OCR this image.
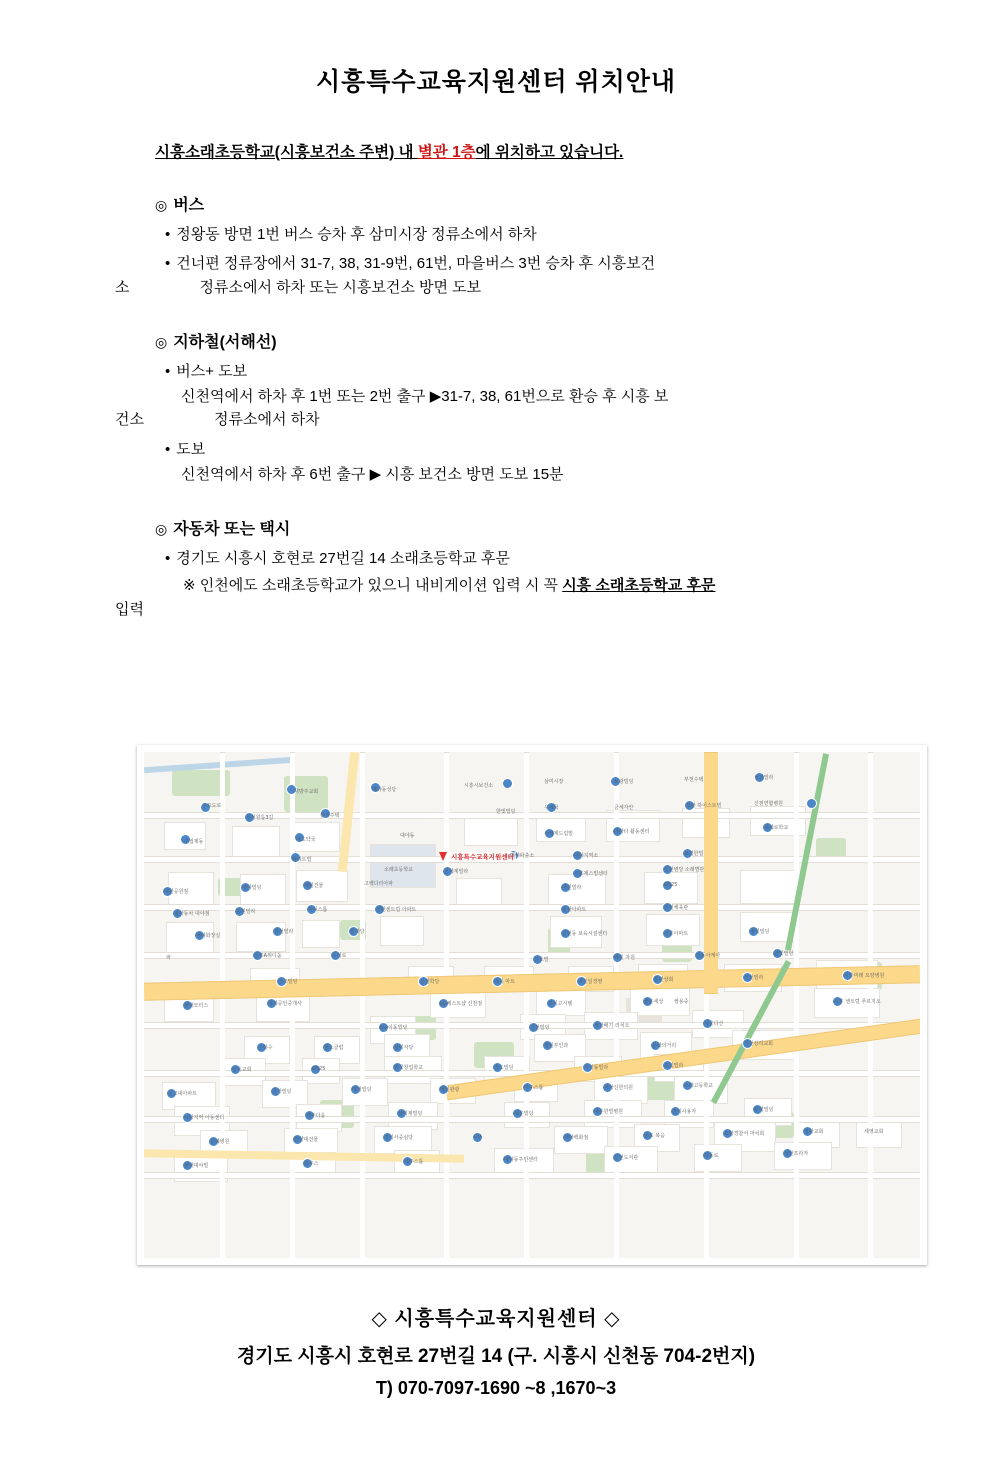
시흥특수교육지원센터 위치안내
시흥소래초등학교(시흥보건소 주변) 내 별관 1층에 위치하고 있습니다.
◎ 버스
• 정왕동 방면 1번 버스 승차 후 삼미시장 정류소에서 하차
• 건너편 정류장에서 31-7, 38, 31-9번, 61번, 마을버스 3번 승차 후 시흥보건
소	정류소에서 하차 또는 시흥보건소 방면 도보
◎ 지하철(서해선)
• 버스+ 도보
신천역에서 하차 후 1번 또는 2번 출구 ▶31-7, 38, 61번으로 환승 후 시흥 보
건소	정류소에서 하차
• 도보
신천역에서 하차 후 6번 출구 ▶ 시흥 보건소 방면 도보 15분
◎ 자동차 또는 택시
• 경기도 시흥시 호현로 27번길 14 소래초등학교 후문
※ 인천에도 소래초등학교가 있으니 내비게이션 입력 시 꼭 시흥 소래초등학교 후문
입력
시흥특수교육지원센터
주요도로
새방주교회	대야동성당
시흥시보건소
삼미시장	보광빌딩	부천수택	성신빌라
무성원룸3길	한강주택
한빛빌딩
우체국	금세자안	보광 하이스트빌	신천연합병원
주접제동	대도약국
대야동	산세계드림빌	라라타 활동센터
세계로학교
앨리트빌
대야파출소	대야지역소	보경한빌
소래초등학교	신세계빌라	시흥계스빌센터
신천변당 소래별관
대한공원점
대야빌딩	제일건물	고백다리아파
대진빌라	GS25
염자동차 대야점	동원빌라	미니스톱	신한센트럴 아파트	일삼아파트	신천체육관
대야화장실
삼성빌라	꽃재당	신천동 보육시설센터	신흥아파트	정일빌딩
파	신흥A위디움	수성로
산호빌	먹길 자원	산동아케아	한빛빌딩
창고밀딩	은샘학당	대지 마트	먹길일경영	통편상회	신천빌라	시흥미래 요양병원
현대모터스	청계공인중개사	LG베스트샵 신천점	하이고시텔	좋은세상 쌍용중	시흥 센트럴 푸르지오
N+이동빌딩	신천빌딩	정강배기 리치오	서울다산
은하수	헬스클럽	상미자당	정심부인과	문화의거리	신천감리교회
상록교회	GS25	한국창업학교	경도빌딩	시경동빌라	도림빌라
신고대아파트	금강빌딩	대정빌딩	메일관광	미주스톱	지아신한의원	소래고등학교
사랑지역 아동센터	제주다움	삼미제빌딩	대은빌딩	대은한빌병원	전기사용자	두영빌딩
은혜병원	한양대건물	경기사중심당	CU	대야백화점	종로 복음	호암경찰서 마치회	영광교회	세영교회
현대대야빌	화우스	제주스톱	대야동주민센터	신천도서관	상동로	성안프라자
◇ 시흥특수교육지원센터 ◇
경기도 시흥시 호현로 27번길 14 (구. 시흥시 신천동 704-2번지)
T) 070-7097-1690 ~8 ,1670~3
